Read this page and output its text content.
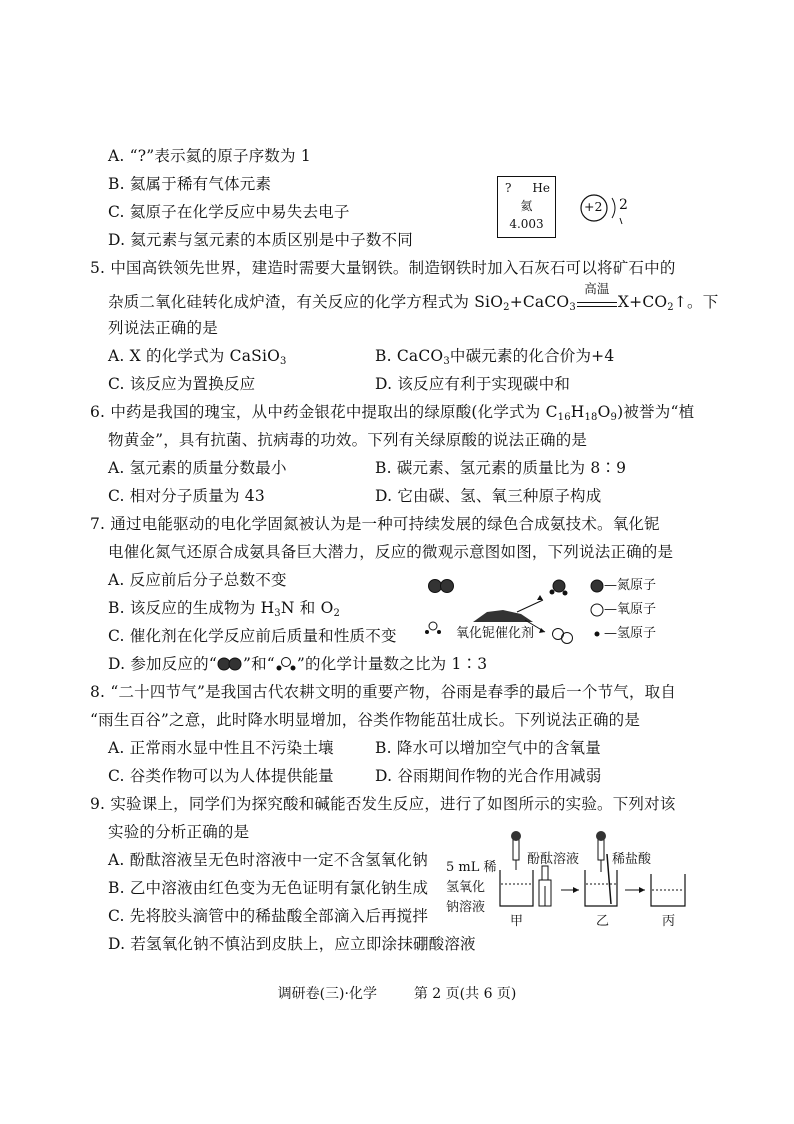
A. “?”表示氦的原子序数为 1
B. 氦属于稀有气体元素
C. 氦原子在化学反应中易失去电子
D. 氦元素与氢元素的本质区别是中子数不同
? He
氦
4.003
+2 2
5. 中国高铁领先世界，建造时需要大量钢铁。制造钢铁时加入石灰石可以将矿石中的
杂质二氧化硅转化成炉渣，有关反应的化学方程式为 SiO$_2$+CaCO$_3$
高温
$X+CO_2↑$。下
列说法正确的是
A. X 的化学式为 CaSiO$_3$	B. CaCO$_3$中碳元素的化合价为+4
C. 该反应为置换反应	D. 该反应有利于实现碳中和
6. 中药是我国的瑰宝，从中药金银花中提取出的绿原酸(化学式为 $C_{16}H_{18}O_9$)被誉为“植
物黄金”，具有抗菌、抗病毒的功效。下列有关绿原酸的说法正确的是
A. 氢元素的质量分数最小	B. 碳元素、氢元素的质量比为 8∶9
C. 相对分子质量为 43	D. 它由碳、氢、氧三种原子构成
7. 通过电能驱动的电化学固氮被认为是一种可持续发展的绿色合成氨技术。氧化铌
电催化氮气还原合成氨具备巨大潜力，反应的微观示意图如图，下列说法正确的是
A. 反应前后分子总数不变
B. 该反应的生成物为 $H_3N$ 和 $O_2$
C. 催化剂在化学反应前后质量和性质不变
D. 参加反应的“ ”和“ ”的化学计量数之比为 1∶3
氧化铌催化剂
—氮原子
—氧原子
—氢原子
8. “二十四节气”是我国古代农耕文明的重要产物，谷雨是春季的最后一个节气，取自
“雨生百谷”之意，此时降水明显增加，谷类作物能茁壮成长。下列说法正确的是
A. 正常雨水显中性且不污染土壤	B. 降水可以增加空气中的含氧量
C. 谷类作物可以为人体提供能量	D. 谷雨期间作物的光合作用减弱
9. 实验课上，同学们为探究酸和碱能否发生反应，进行了如图所示的实验。下列对该
实验的分析正确的是
A. 酚酞溶液呈无色时溶液中一定不含氢氧化钠
B. 乙中溶液由红色变为无色证明有氯化钠生成
C. 先将胶头滴管中的稀盐酸全部滴入后再搅拌
D. 若氢氧化钠不慎沾到皮肤上，应立即涂抹硼酸溶液
5 mL 稀
氢氧化
钠溶液
酚酞溶液	稀盐酸
甲	乙	丙
调研卷(三)·化学	第 2 页(共 6 页)
